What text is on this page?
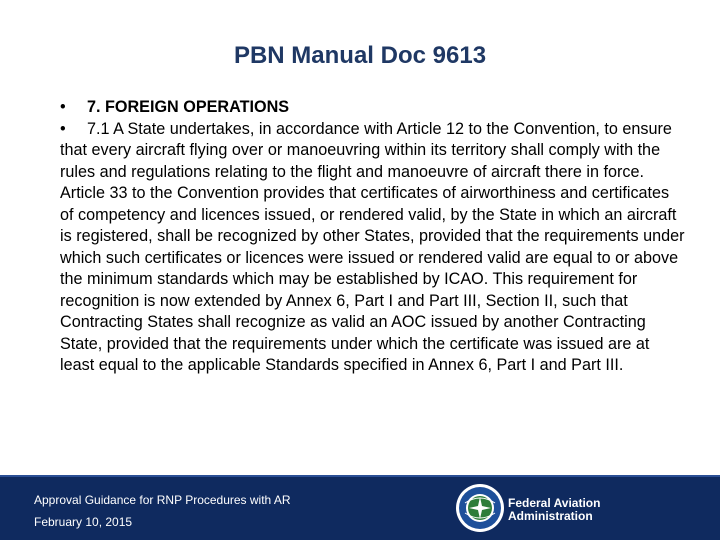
PBN Manual Doc 9613
• 7. FOREIGN OPERATIONS
• 7.1 A State undertakes, in accordance with Article 12 to the Convention, to ensure that every aircraft flying over or manoeuvring within its territory shall comply with the rules and regulations relating to the flight and manoeuvre of aircraft there in force. Article 33 to the Convention provides that certificates of airworthiness and certificates of competency and licences issued, or rendered valid, by the State in which an aircraft is registered, shall be recognized by other States, provided that the requirements under which such certificates or licences were issued or rendered valid are equal to or above the minimum standards which may be established by ICAO. This requirement for recognition is now extended by Annex 6, Part I and Part III, Section II, such that Contracting States shall recognize as valid an AOC issued by another Contracting State, provided that the requirements under which the certificate was issued are at least equal to the applicable Standards specified in Annex 6, Part I and Part III.
Approval Guidance for RNP Procedures with AR
February 10, 2015
Federal Aviation
Administration
